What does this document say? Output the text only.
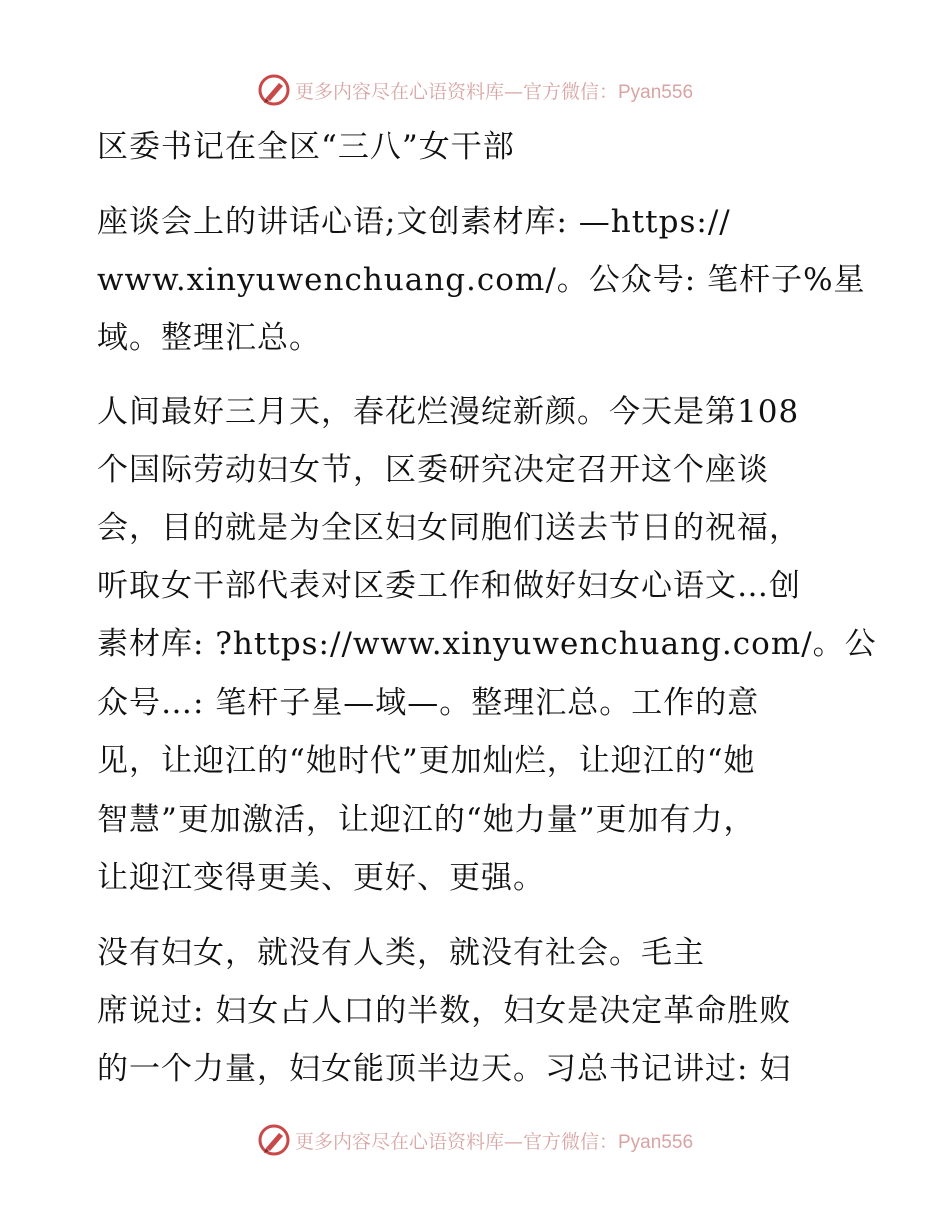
更多内容尽在心语资料库—官方微信：Pyan556
区委书记在全区“三八”女干部
座谈会上的讲话心语;文创素材库: —https://
www.xinyuwenchuang.com/。公众号: 笔杆子%星
域。整理汇总。
人间最好三月天，春花烂漫绽新颜。今天是第108
个国际劳动妇女节，区委研究决定召开这个座谈
会，目的就是为全区妇女同胞们送去节日的祝福，
听取女干部代表对区委工作和做好妇女心语文…创
素材库: ?https://www.xinyuwenchuang.com/。公
众号…: 笔杆子星—域—。整理汇总。工作的意
见，让迎江的“她时代”更加灿烂，让迎江的“她
智慧”更加激活，让迎江的“她力量”更加有力，
让迎江变得更美、更好、更强。
没有妇女，就没有人类，就没有社会。毛主
席说过: 妇女占人口的半数，妇女是决定革命胜败
的一个力量，妇女能顶半边天。习总书记讲过: 妇
更多内容尽在心语资料库—官方微信：Pyan556
